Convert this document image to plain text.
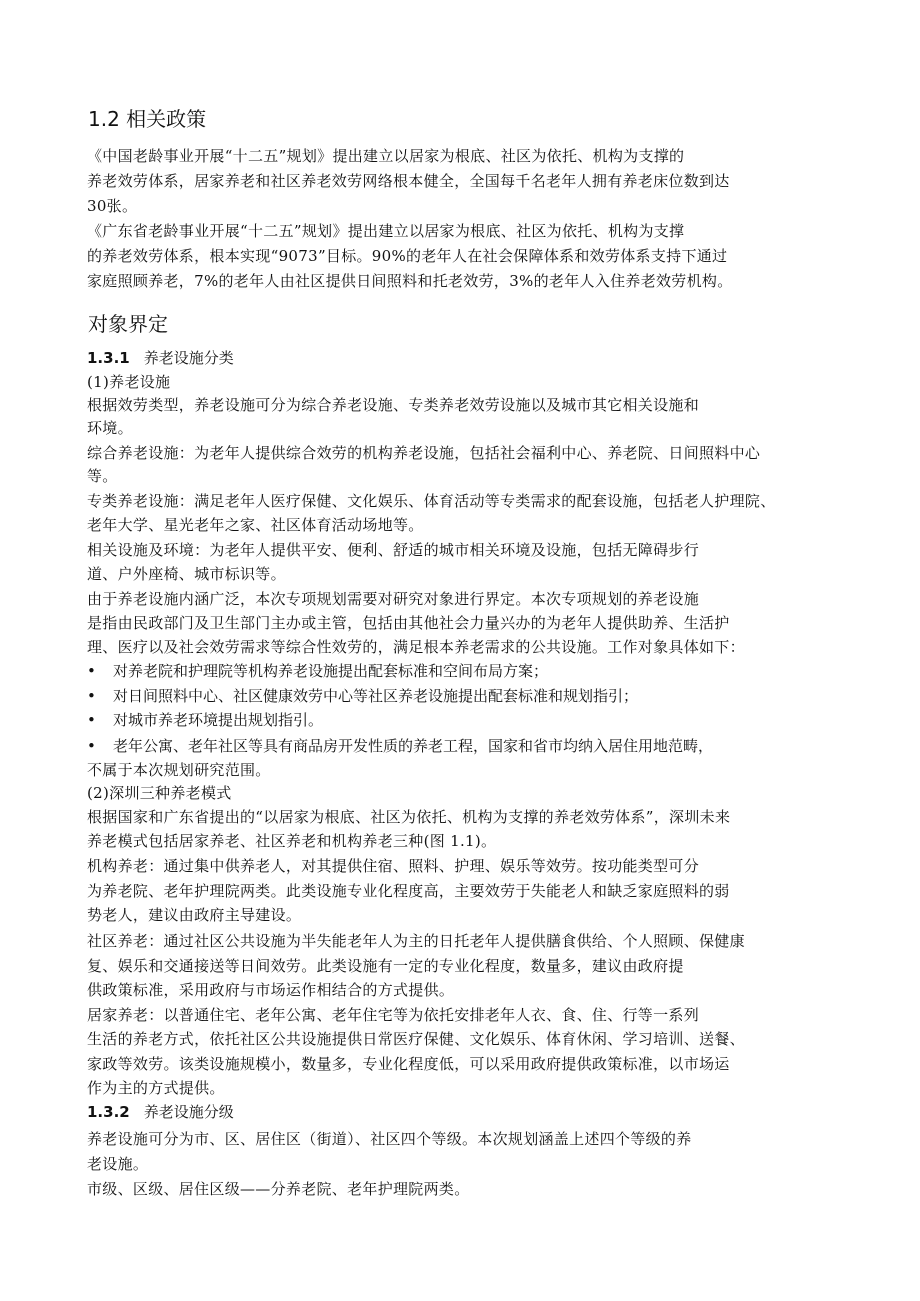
1.2 相关政策
《中国老龄事业开展“十二五”规划》提出建立以居家为根底、社区为依托、机构为支撑的
养老效劳体系，居家养老和社区养老效劳网络根本健全，全国每千名老年人拥有养老床位数到达
30张。
《广东省老龄事业开展“十二五”规划》提出建立以居家为根底、社区为依托、机构为支撑
的养老效劳体系，根本实现“9073”目标。90%的老年人在社会保障体系和效劳体系支持下通过
家庭照顾养老，7%的老年人由社区提供日间照料和托老效劳，3%的老年人入住养老效劳机构。
对象界定
1.3.1 养老设施分类
(1)养老设施
根据效劳类型，养老设施可分为综合养老设施、专类养老效劳设施以及城市其它相关设施和
环境。
综合养老设施：为老年人提供综合效劳的机构养老设施，包括社会福利中心、养老院、日间照料中心
等。
专类养老设施：满足老年人医疗保健、文化娱乐、体育活动等专类需求的配套设施，包括老人护理院、
老年大学、星光老年之家、社区体育活动场地等。
相关设施及环境：为老年人提供平安、便利、舒适的城市相关环境及设施，包括无障碍步行
道、户外座椅、城市标识等。
由于养老设施内涵广泛，本次专项规划需要对研究对象进行界定。本次专项规划的养老设施
是指由民政部门及卫生部门主办或主管，包括由其他社会力量兴办的为老年人提供助养、生活护
理、医疗以及社会效劳需求等综合性效劳的，满足根本养老需求的公共设施。工作对象具体如下：
• 对养老院和护理院等机构养老设施提出配套标准和空间布局方案；
• 对日间照料中心、社区健康效劳中心等社区养老设施提出配套标准和规划指引；
• 对城市养老环境提出规划指引。
• 老年公寓、老年社区等具有商品房开发性质的养老工程，国家和省市均纳入居住用地范畴，
不属于本次规划研究范围。
(2)深圳三种养老模式
根据国家和广东省提出的“以居家为根底、社区为依托、机构为支撑的养老效劳体系”，深圳未来
养老模式包括居家养老、社区养老和机构养老三种(图 1.1)。
机构养老：通过集中供养老人，对其提供住宿、照料、护理、娱乐等效劳。按功能类型可分
为养老院、老年护理院两类。此类设施专业化程度高，主要效劳于失能老人和缺乏家庭照料的弱
势老人，建议由政府主导建设。
社区养老：通过社区公共设施为半失能老年人为主的日托老年人提供膳食供给、个人照顾、保健康
复、娱乐和交通接送等日间效劳。此类设施有一定的专业化程度，数量多，建议由政府提
供政策标准，采用政府与市场运作相结合的方式提供。
居家养老：以普通住宅、老年公寓、老年住宅等为依托安排老年人衣、食、住、行等一系列
生活的养老方式，依托社区公共设施提供日常医疗保健、文化娱乐、体育休闲、学习培训、送餐、
家政等效劳。该类设施规模小，数量多，专业化程度低，可以采用政府提供政策标准，以市场运
作为主的方式提供。
1.3.2 养老设施分级
养老设施可分为市、区、居住区（街道）、社区四个等级。本次规划涵盖上述四个等级的养
老设施。
市级、区级、居住区级——分养老院、老年护理院两类。
